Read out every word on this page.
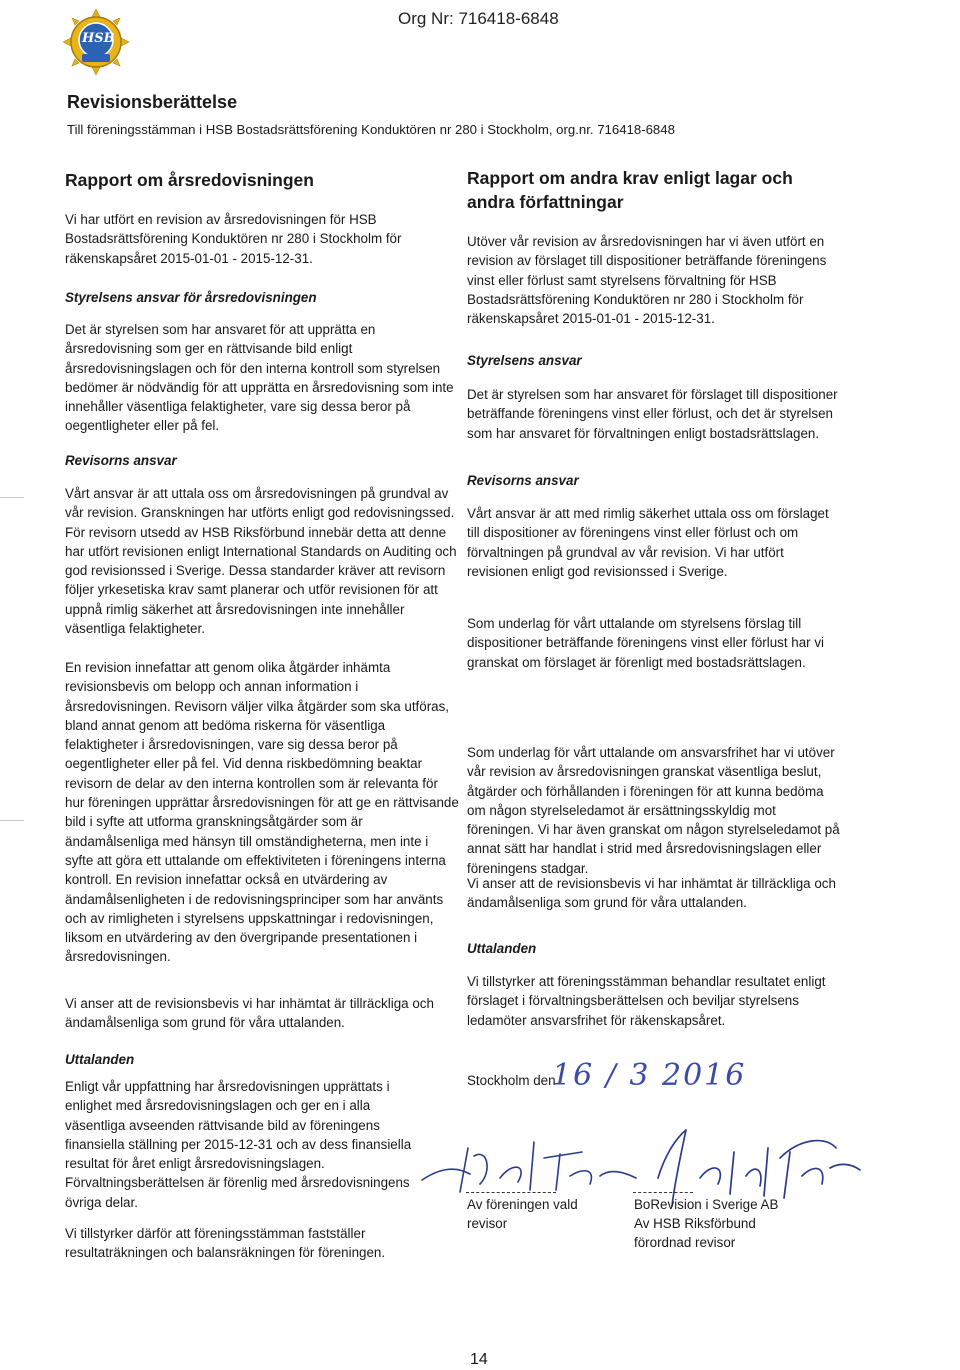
HSB
Org Nr: 716418-6848
Revisionsberättelse
Till föreningsstämman i HSB Bostadsrättsförening Konduktören nr 280 i Stockholm, org.nr. 716418-6848

Rapport om årsredovisningen

Vi har utfört en revision av årsredovisningen för HSB Bostadsrättsförening Konduktören nr 280 i Stockholm för räkenskapsåret 2015-01-01 - 2015-12-31.

Styrelsens ansvar för årsredovisningen

Det är styrelsen som har ansvaret för att upprätta en årsredovisning som ger en rättvisande bild enligt årsredovisningslagen och för den interna kontroll som styrelsen bedömer är nödvändig för att upprätta en årsredovisning som inte innehåller väsentliga felaktigheter, vare sig dessa beror på oegentligheter eller på fel.

Revisorns ansvar

Vårt ansvar är att uttala oss om årsredovisningen på grundval av vår revision. Granskningen har utförts enligt god redovisningssed. För revisorn utsedd av HSB Riksförbund innebär detta att denne har utfört revisionen enligt International Standards on Auditing och god revisionssed i Sverige. Dessa standarder kräver att revisorn följer yrkesetiska krav samt planerar och utför revisionen för att uppnå rimlig säkerhet att årsredovisningen inte innehåller väsentliga felaktigheter.

En revision innefattar att genom olika åtgärder inhämta revisionsbevis om belopp och annan information i årsredovisningen. Revisorn väljer vilka åtgärder som ska utföras, bland annat genom att bedöma riskerna för väsentliga felaktigheter i årsredovisningen, vare sig dessa beror på oegentligheter eller på fel. Vid denna riskbedömning beaktar revisorn de delar av den interna kontrollen som är relevanta för hur föreningen upprättar årsredovisningen för att ge en rättvisande bild i syfte att utforma granskningsåtgärder som är ändamålsenliga med hänsyn till omständigheterna, men inte i syfte att göra ett uttalande om effektiviteten i föreningens interna kontroll. En revision innefattar också en utvärdering av ändamålsenligheten i de redovisningsprinciper som har använts och av rimligheten i styrelsens uppskattningar i redovisningen, liksom en utvärdering av den övergripande presentationen i årsredovisningen.

Vi anser att de revisionsbevis vi har inhämtat är tillräckliga och ändamålsenliga som grund för våra uttalanden.

Uttalanden

Enligt vår uppfattning har årsredovisningen upprättats i enlighet med årsredovisningslagen och ger en i alla väsentliga avseenden rättvisande bild av föreningens finansiella ställning per 2015-12-31 och av dess finansiella resultat för året enligt årsredovisningslagen. Förvaltningsberättelsen är förenlig med årsredovisningens övriga delar.

Vi tillstyrker därför att föreningsstämman fastställer resultaträkningen och balansräkningen för föreningen.

Rapport om andra krav enligt lagar och andra författningar

Utöver vår revision av årsredovisningen har vi även utfört en revision av förslaget till dispositioner beträffande föreningens vinst eller förlust samt styrelsens förvaltning för HSB Bostadsrättsförening Konduktören nr 280 i Stockholm för räkenskapsåret 2015-01-01 - 2015-12-31.

Styrelsens ansvar

Det är styrelsen som har ansvaret för förslaget till dispositioner beträffande föreningens vinst eller förlust, och det är styrelsen som har ansvaret för förvaltningen enligt bostadsrättslagen.

Revisorns ansvar

Vårt ansvar är att med rimlig säkerhet uttala oss om förslaget till dispositioner av föreningens vinst eller förlust och om förvaltningen på grundval av vår revision. Vi har utfört revisionen enligt god revisionssed i Sverige.

Som underlag för vårt uttalande om styrelsens förslag till dispositioner beträffande föreningens vinst eller förlust har vi granskat om förslaget är förenligt med bostadsrättslagen.

Som underlag för vårt uttalande om ansvarsfrihet har vi utöver vår revision av årsredovisningen granskat väsentliga beslut, åtgärder och förhållanden i föreningen för att kunna bedöma om någon styrelseledamot är ersättningsskyldig mot föreningen. Vi har även granskat om någon styrelseledamot på annat sätt har handlat i strid med årsredovisningslagen eller föreningens stadgar.

Vi anser att de revisionsbevis vi har inhämtat är tillräckliga och ändamålsenliga som grund för våra uttalanden.

Uttalanden

Vi tillstyrker att föreningsstämman behandlar resultatet enligt förslaget i förvaltningsberättelsen och beviljar styrelsens ledamöter ansvarsfrihet för räkenskapsåret.

Stockholm den
16 / 3 2016
Av föreningen vald
revisor
BoRevision i Sverige AB
Av HSB Riksförbund
förordnad revisor
14
